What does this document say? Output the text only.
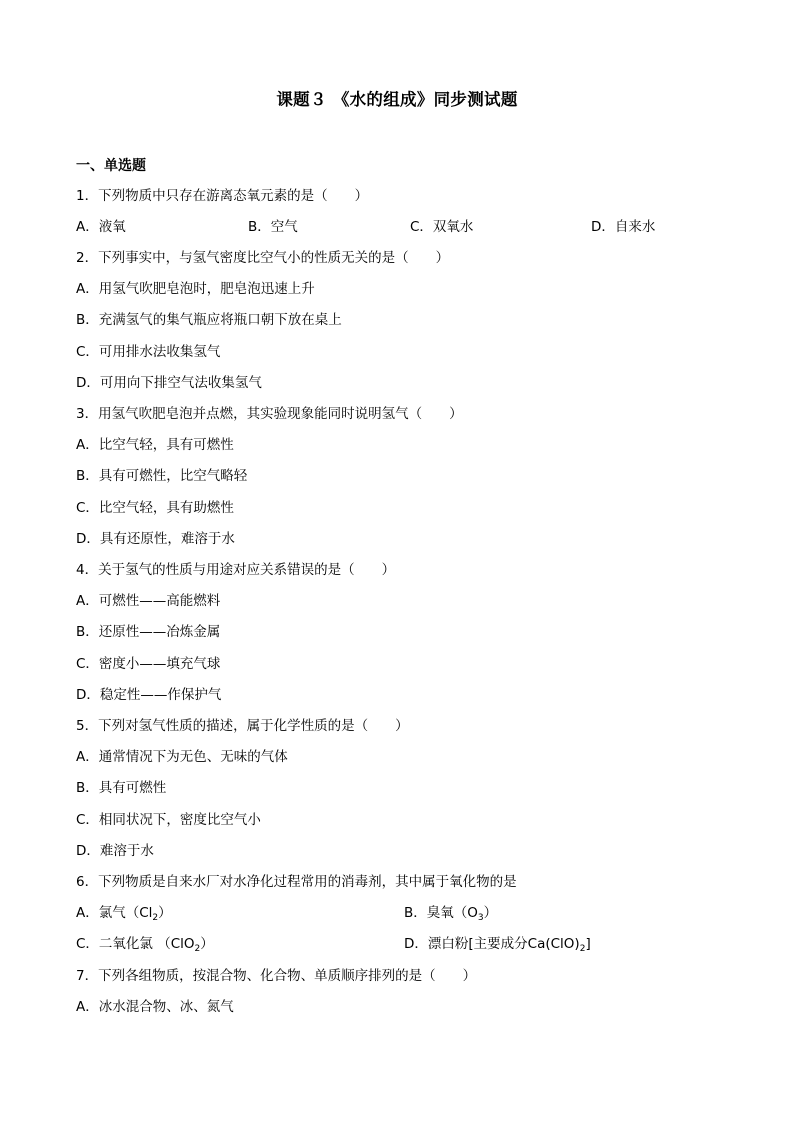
课题３ 《水的组成》同步测试题
一、单选题
1．下列物质中只存在游离态氧元素的是（　　）
A．液氧	B．空气	C．双氧水	D．自来水
2．下列事实中，与氢气密度比空气小的性质无关的是（　　）
A．用氢气吹肥皂泡时，肥皂泡迅速上升
B．充满氢气的集气瓶应将瓶口朝下放在桌上
C．可用排水法收集氢气
D．可用向下排空气法收集氢气
3．用氢气吹肥皂泡并点燃，其实验现象能同时说明氢气（　　）
A．比空气轻，具有可燃性
B．具有可燃性，比空气略轻
C．比空气轻，具有助燃性
D．具有还原性，难溶于水
4．关于氢气的性质与用途对应关系错误的是（　　）
A．可燃性——高能燃料
B．还原性——冶炼金属
C．密度小——填充气球
D．稳定性——作保护气
5．下列对氢气性质的描述，属于化学性质的是（　　）
A．通常情况下为无色、无味的气体
B．具有可燃性
C．相同状况下，密度比空气小
D．难溶于水
6．下列物质是自来水厂对水净化过程常用的消毒剂，其中属于氧化物的是
A．氯气$(Cl_2)$	B．臭氧$(O_3)$
C．二氧化氯 （ClO$_2$）	D．漂白粉[主要成分$Ca(ClO)_2$]
7．下列各组物质，按混合物、化合物、单质顺序排列的是（　　）
A．冰水混合物、冰、氮气
